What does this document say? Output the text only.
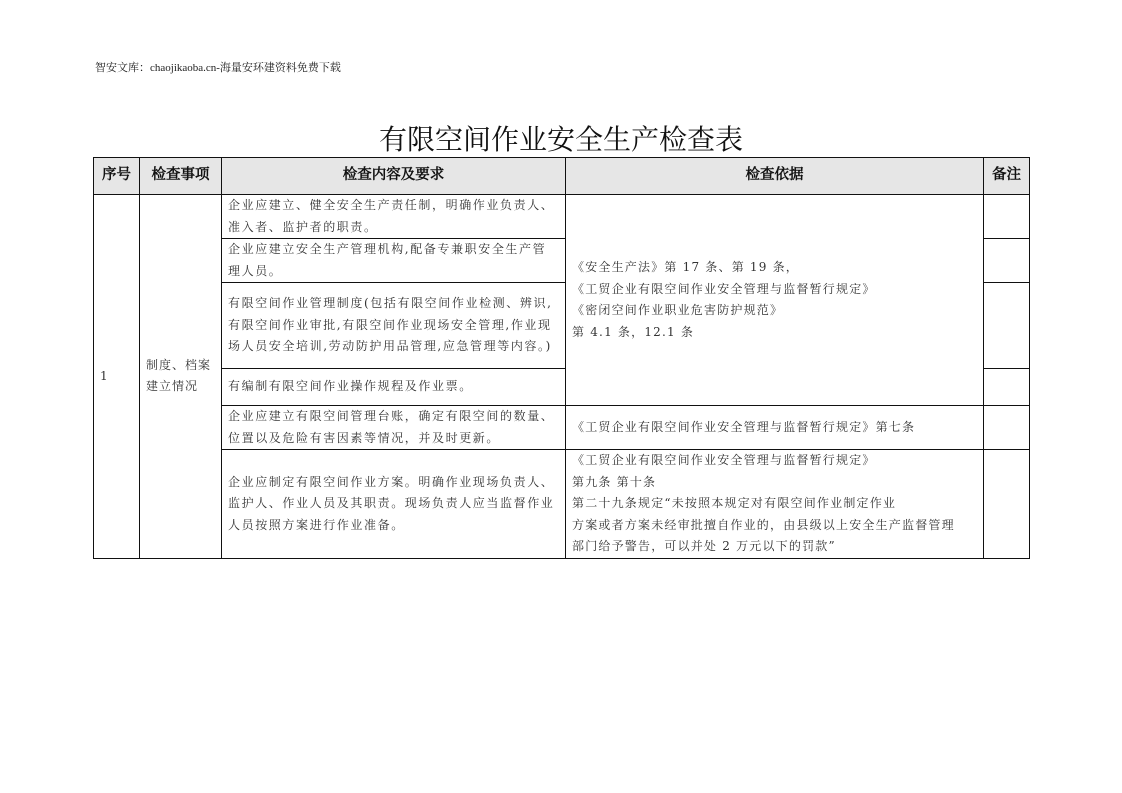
智安文库：chaojikaoba.cn-海量安环建资料免费下载
有限空间作业安全生产检查表
序号	检查事项	检查内容及要求	检查依据	备注
1	制度、档案建立情况	企业应建立、健全安全生产责任制，明确作业负责人、准入者、监护者的职责。	《安全生产法》第 17 条、第 19 条，
《工贸企业有限空间作业安全管理与监督暂行规定》
《密闭空间作业职业危害防护规范》
第 4.1 条，12.1 条	

		企业应建立安全生产管理机构,配备专兼职安全生产管理人员。		
		有限空间作业管理制度(包括有限空间作业检测、辨识,有限空间作业审批,有限空间作业现场安全管理,作业现场人员安全培训,劳动防护用品管理,应急管理等内容。)		
		有编制有限空间作业操作规程及作业票。		
		企业应建立有限空间管理台账，确定有限空间的数量、位置以及危险有害因素等情况，并及时更新。	《工贸企业有限空间作业安全管理与监督暂行规定》第七条	

		企业应制定有限空间作业方案。明确作业现场负责人、监护人、作业人员及其职责。现场负责人应当监督作业人员按照方案进行作业准备。	《工贸企业有限空间作业安全管理与监督暂行规定》
第九条 第十条
第二十九条规定“未按照本规定对有限空间作业制定作业
方案或者方案未经审批擅自作业的，由县级以上安全生产监督管理
部门给予警告，可以并处 2 万元以下的罚款”	
